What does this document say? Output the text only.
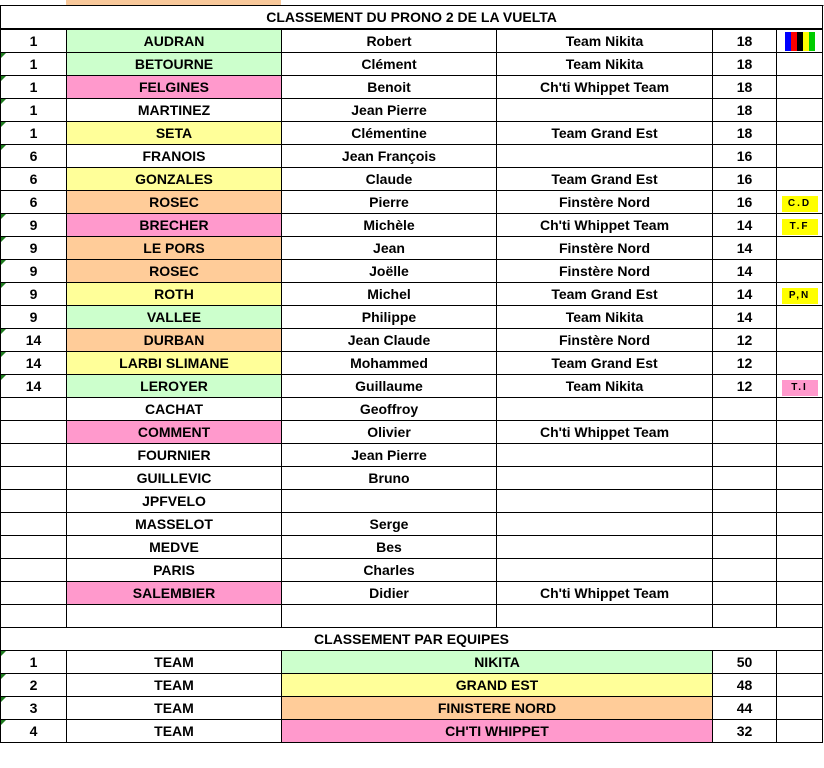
CLASSEMENT DU PRONO 2 DE LA VUELTA					
1	AUDRAN	Robert	Team Nikita	18	

1	BETOURNE	Clément	Team Nikita	18	
1	FELGINES	Benoit	Ch'ti Whippet Team	18	
1	MARTINEZ	Jean Pierre		18	
1	SETA	Clémentine	Team Grand Est	18	
6	FRANOIS	Jean François		16	
6	GONZALES	Claude	Team Grand Est	16	
6	ROSEC	Pierre	Finstère Nord	16	C.D
9	BRECHER	Michèle	Ch'ti Whippet Team	14	T.F
9	LE PORS	Jean	Finstère Nord	14	
9	ROSEC	Joëlle	Finstère Nord	14	
9	ROTH	Michel	Team Grand Est	14	P,N
9	VALLEE	Philippe	Team Nikita	14	
14	DURBAN	Jean Claude	Finstère Nord	12	
14	LARBI SLIMANE	Mohammed	Team Grand Est	12	
14	LEROYER	Guillaume	Team Nikita	12	T.I
	CACHAT	Geoffroy			
	COMMENT	Olivier	Ch'ti Whippet Team		
	FOURNIER	Jean Pierre			
	GUILLEVIC	Bruno			
	JPFVELO				
	MASSELOT	Serge			
	MEDVE	Bes			
	PARIS	Charles			
	SALEMBIER	Didier	Ch'ti Whippet Team		

CLASSEMENT PAR EQUIPES					
1	TEAM	NIKITA		50	
2	TEAM	GRAND EST		48	
3	TEAM	FINISTERE NORD		44	
4	TEAM	CH'TI WHIPPET		32	
